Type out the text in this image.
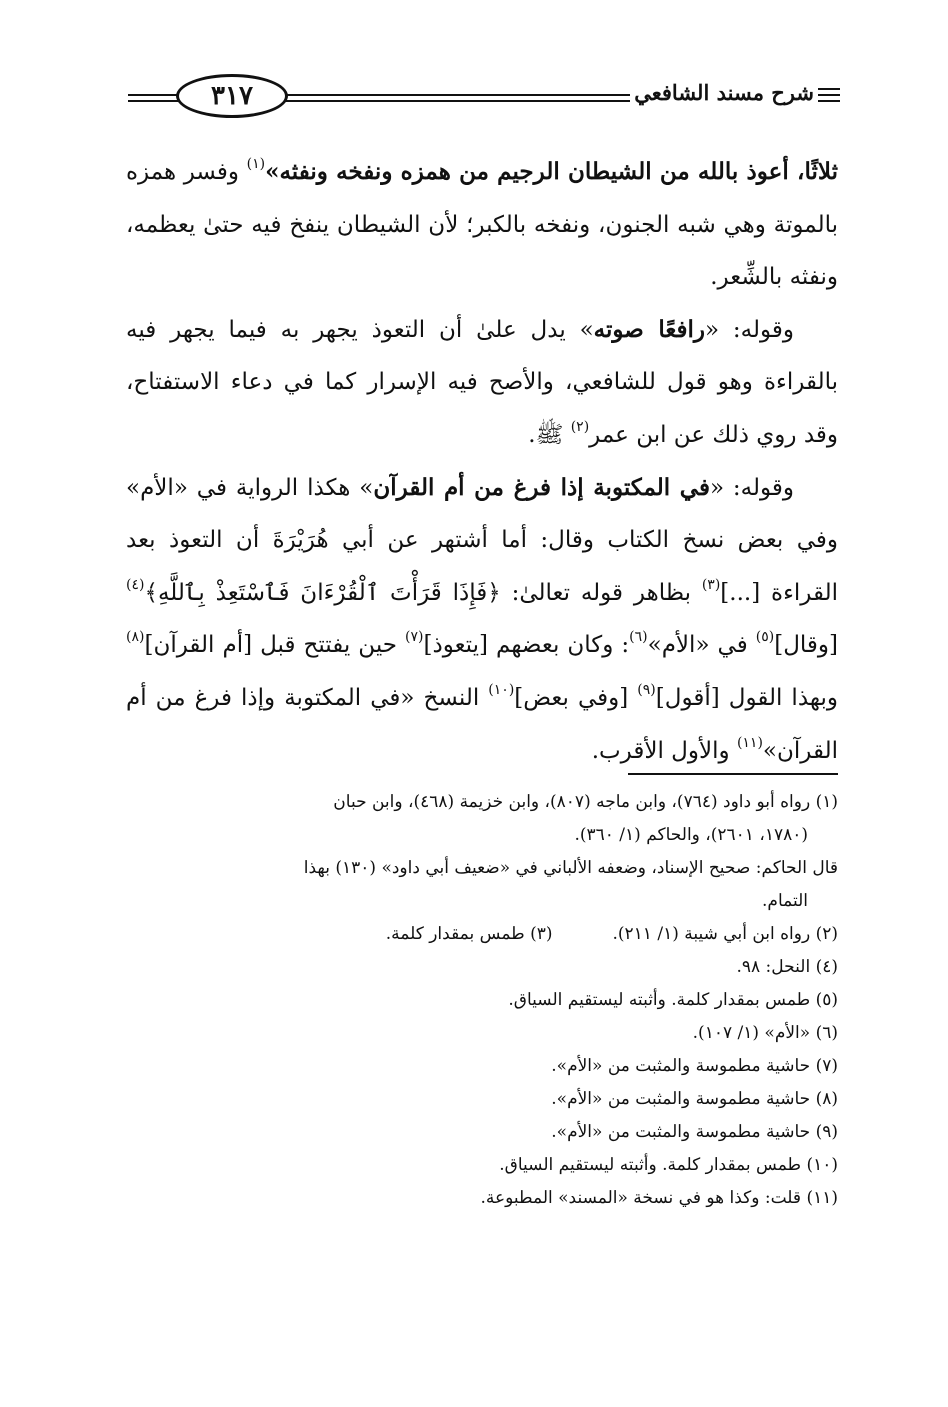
شرح مسند الشافعي
٣١٧

ثلاثًا، أعوذ بالله من الشيطان الرجيم من همزه ونفخه ونفثه»$^{(١)}$ وفسر همزه بالموتة وهي شبه الجنون، ونفخه بالكبر؛ لأن الشيطان ينفخ فيه حتىٰ يعظمه، ونفثه بالشِّعر.

وقوله: «رافعًا صوته» يدل علىٰ أن التعوذ يجهر به فيما يجهر فيه بالقراءة وهو قول للشافعي، والأصح فيه الإسرار كما في دعاء الاستفتاح، وقد روي ذلك عن ابن عمر$^{(٢)}$ ﷺ.

وقوله: «في المكتوبة إذا فرغ من أم القرآن» هكذا الرواية في «الأم» وفي بعض نسخ الكتاب وقال: أما أشتهر عن أبي هُرَيْرَةَ أن التعوذ بعد القراءة [...]$^{(٣)}$ بظاهر قوله تعالىٰ: ﴿فَإِذَا قَرَأْتَ ٱلْقُرْءَانَ فَٱسْتَعِذْ بِٱللَّهِ﴾$^{(٤)}$ [وقال]$^{(٥)}$ في «الأم»$^{(٦)}$: وكان بعضهم [يتعوذ]$^{(٧)}$ حين يفتتح قبل [أم القرآن]$^{(٨)}$ وبهذا القول [أقول]$^{(٩)}$ [وفي بعض]$^{(١٠)}$ النسخ «في المكتوبة وإذا فرغ من أم القرآن»$^{(١١)}$ والأول الأقرب.

(١) رواه أبو داود (٧٦٤)، وابن ماجه (٨٠٧)، وابن خزيمة (٤٦٨)، وابن حبان

(١٧٨٠، ٢٦٠١)، والحاكم (١/ ٣٦٠).

قال الحاكم: صحيح الإسناد، وضعفه الألباني في «ضعيف أبي داود» (١٣٠) بهذا

التمام.

(٢) رواه ابن أبي شيبة (١/ ٢١١).
(٣) طمس بمقدار كلمة.

(٤) النحل: ٩٨.

(٥) طمس بمقدار كلمة. وأثبته ليستقيم السياق.

(٦) «الأم» (١/ ١٠٧).

(٧) حاشية مطموسة والمثبت من «الأم».

(٨) حاشية مطموسة والمثبت من «الأم».

(٩) حاشية مطموسة والمثبت من «الأم».

(١٠) طمس بمقدار كلمة. وأثبته ليستقيم السياق.

(١١) قلت: وكذا هو في نسخة «المسند» المطبوعة.
